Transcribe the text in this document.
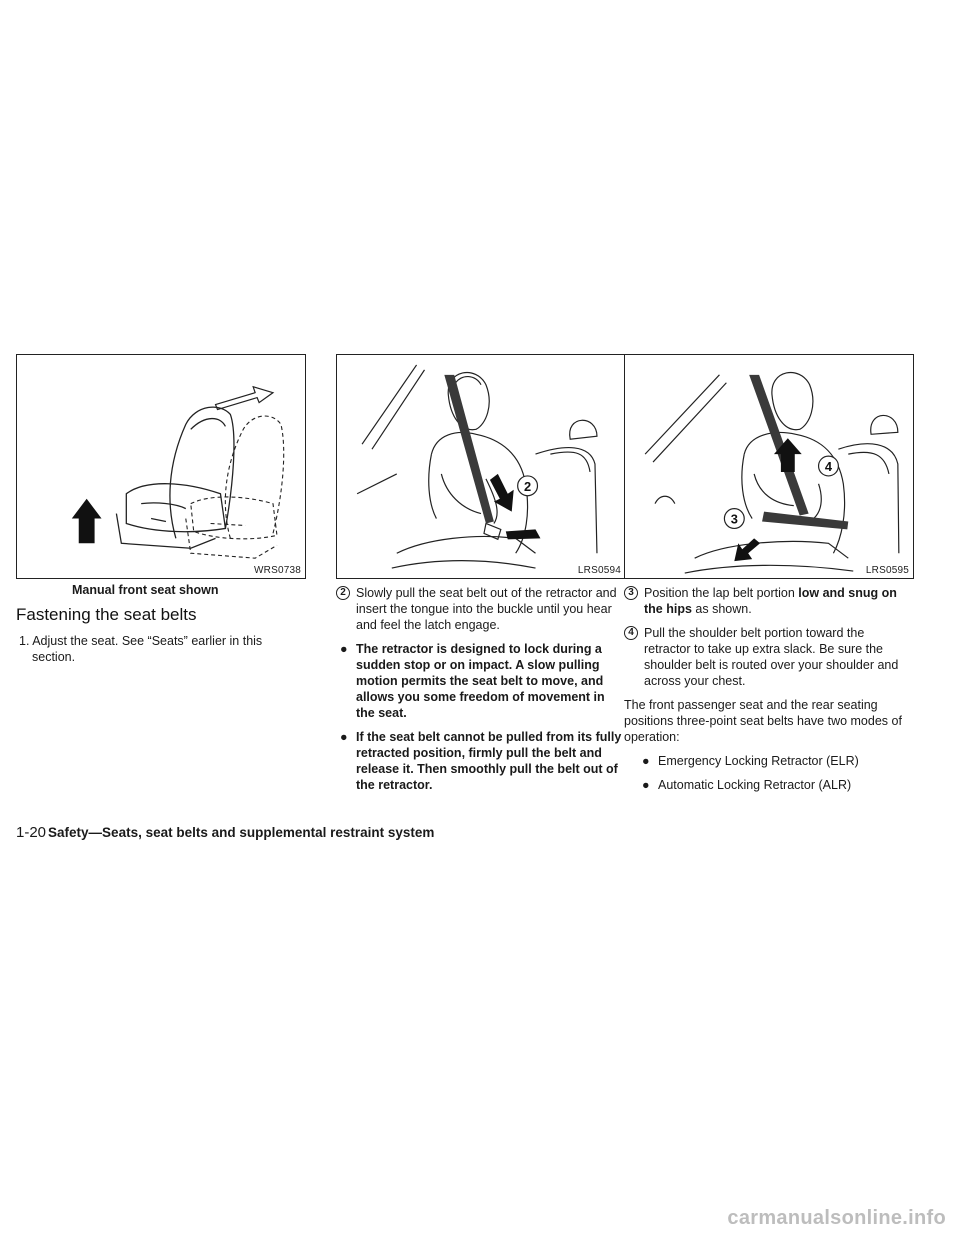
WRS0738
Manual front seat shown
Fastening the seat belts

1. Adjust the seat. See “Seats” earlier in this section.

2
LRS0594

2 Slowly pull the seat belt out of the retractor and insert the tongue into the buckle until you hear and feel the latch engage.

● The retractor is designed to lock during a sudden stop or on impact. A slow pulling motion permits the seat belt to move, and allows you some freedom of movement in the seat.

● If the seat belt cannot be pulled from its fully retracted position, firmly pull the belt and release it. Then smoothly pull the belt out of the retractor.

4
3
LRS0595

3 Position the lap belt portion low and snug on the hips as shown.

4 Pull the shoulder belt portion toward the retractor to take up extra slack. Be sure the shoulder belt is routed over your shoulder and across your chest.

The front passenger seat and the rear seating positions three-point seat belts have two modes of operation:

● Emergency Locking Retractor (ELR)

● Automatic Locking Retractor (ALR)

1-20 Safety—Seats, seat belts and supplemental restraint system
carmanualsonline.info
